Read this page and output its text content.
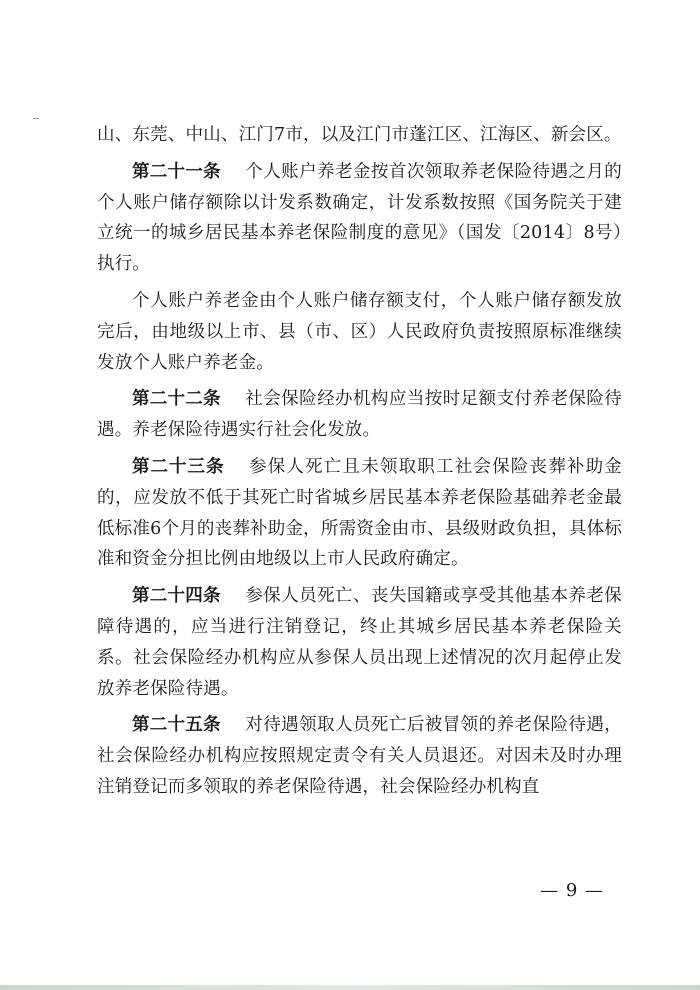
山、东莞、中山、江门7市，以及江门市蓬江区、江海区、新会区。

第二十一条 个人账户养老金按首次领取养老保险待遇之月的个人账户储存额除以计发系数确定，计发系数按照《国务院关于建立统一的城乡居民基本养老保险制度的意见》（国发〔2014〕8号）执行。

个人账户养老金由个人账户储存额支付，个人账户储存额发放完后，由地级以上市、县（市、区）人民政府负责按照原标准继续发放个人账户养老金。

第二十二条 社会保险经办机构应当按时足额支付养老保险待遇。养老保险待遇实行社会化发放。

第二十三条 参保人死亡且未领取职工社会保险丧葬补助金的，应发放不低于其死亡时省城乡居民基本养老保险基础养老金最低标准6个月的丧葬补助金，所需资金由市、县级财政负担，具体标准和资金分担比例由地级以上市人民政府确定。

第二十四条 参保人员死亡、丧失国籍或享受其他基本养老保障待遇的，应当进行注销登记，终止其城乡居民基本养老保险关系。社会保险经办机构应从参保人员出现上述情况的次月起停止发放养老保险待遇。

第二十五条 对待遇领取人员死亡后被冒领的养老保险待遇，社会保险经办机构应按照规定责令有关人员退还。对因未及时办理注销登记而多领取的养老保险待遇，社会保险经办机构直

— 9 —
